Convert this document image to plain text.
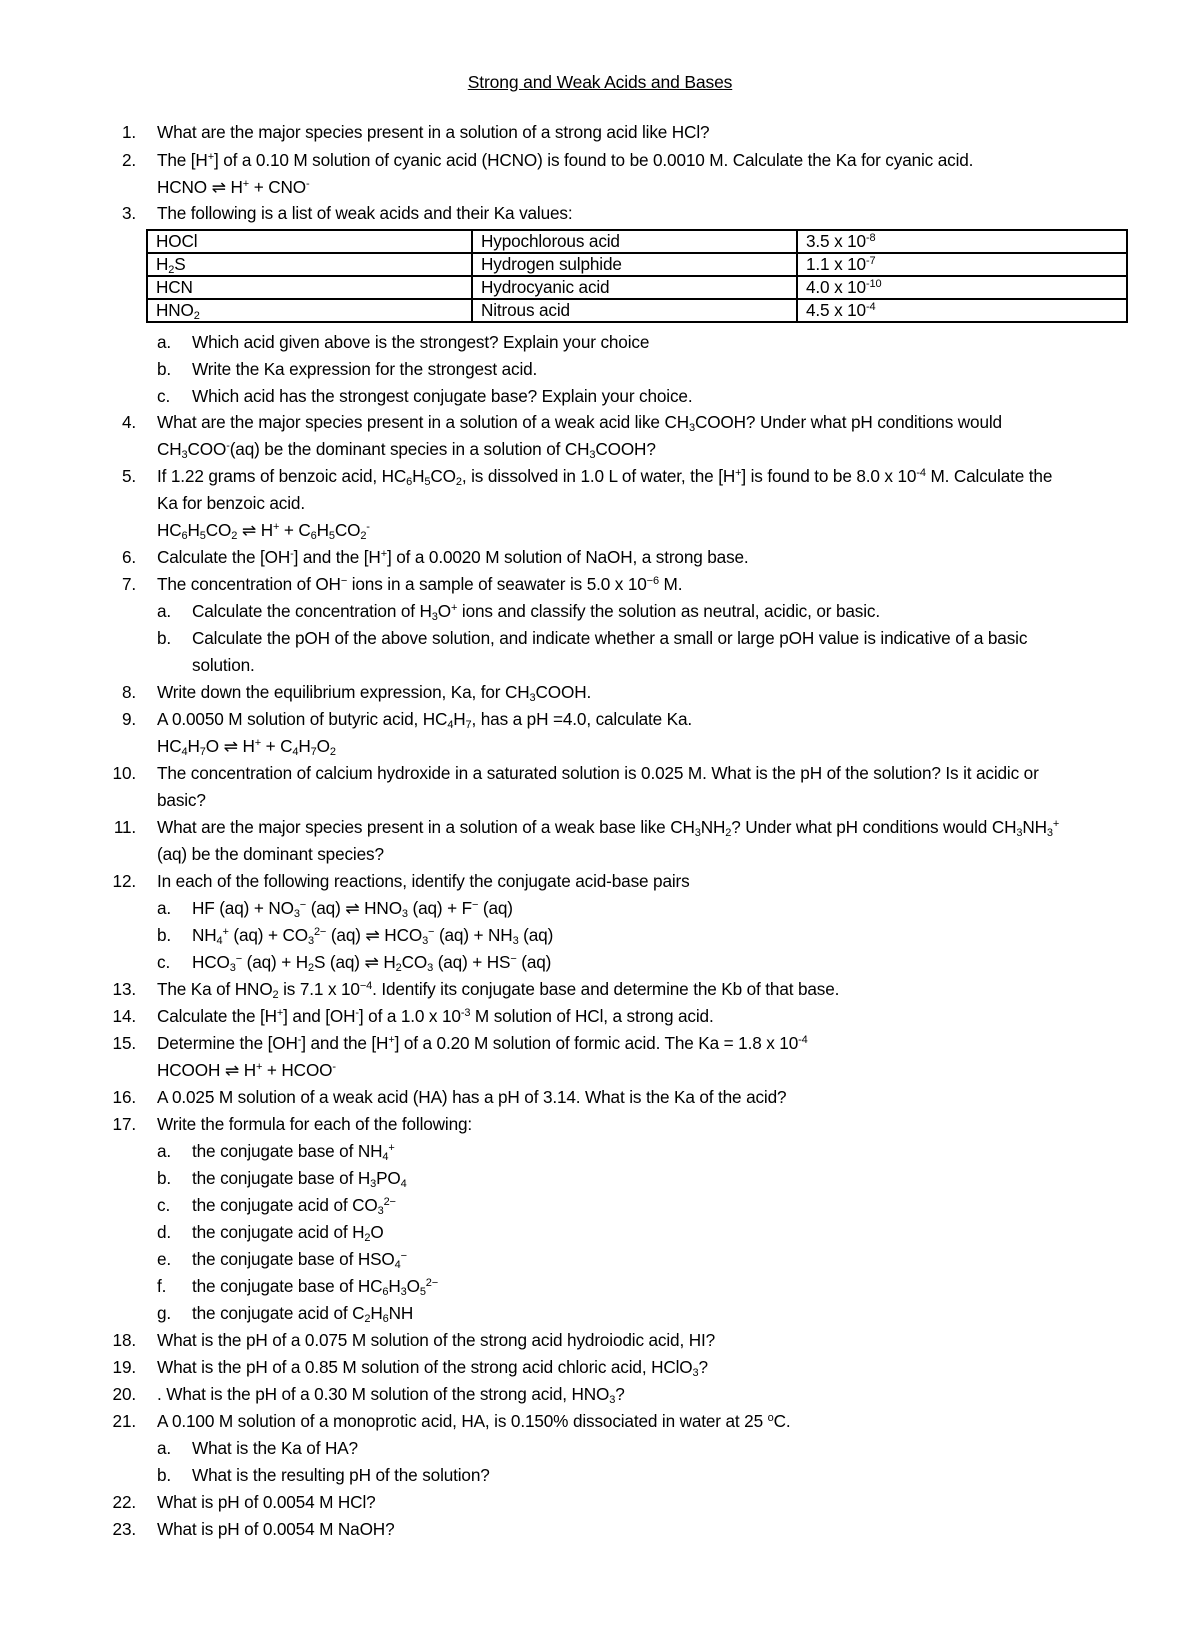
Strong and Weak Acids and Bases
1. What are the major species present in a solution of a strong acid like HCl?
2. The [H+] of a 0.10 M solution of cyanic acid (HCNO) is found to be 0.0010 M. Calculate the Ka for cyanic acid.
HCNO ⇌ H+ + CNO-
3. The following is a list of weak acids and their Ka values:
HOCl	Hypochlorous acid	3.5 x $10^{-8}$
$H_2S$	Hydrogen sulphide	1.1 x $10^{-7}$
HCN	Hydrocyanic acid	4.0 x $10^{-10}$
$HNO_2$	Nitrous acid	4.5 x $10^{-4}$
a. Which acid given above is the strongest? Explain your choice
b. Write the Ka expression for the strongest acid.
c. Which acid has the strongest conjugate base? Explain your choice.
4. What are the major species present in a solution of a weak acid like $CH_3COOH$? Under what pH conditions would
$CH_3COO^-(aq)$ be the dominant species in a solution of $CH_3COOH$?
5. If 1.22 grams of benzoic acid, $HC_6H_5CO_2$, is dissolved in 1.0 L of water, the [H+] is found to be 8.0 x $10^{-4}$ M. Calculate the
Ka for benzoic acid.
$HC_6H_5CO_2$ ⇌ $H^+ + C_6H_5CO_2^-$
6. Calculate the [OH-] and the [H+] of a 0.0020 M solution of NaOH, a strong base.
7. The concentration of OH− ions in a sample of seawater is 5.0 x $10^{-6}$ M.
a. Calculate the concentration of $H_3O^+$ ions and classify the solution as neutral, acidic, or basic.
b. Calculate the pOH of the above solution, and indicate whether a small or large pOH value is indicative of a basic
solution.
8. Write down the equilibrium expression, Ka, for $CH_3COOH$.
9. A 0.0050 M solution of butyric acid, $HC_4H_7$, has a pH =4.0, calculate Ka.
$HC_4H_7O$ ⇌ $H^+ + C_4H_7O_2$
10. The concentration of calcium hydroxide in a saturated solution is 0.025 M. What is the pH of the solution? Is it acidic or
basic?
11. What are the major species present in a solution of a weak base like $CH_3NH_2$? Under what pH conditions would $CH_3NH_3^+$
(aq) be the dominant species?
12. In each of the following reactions, identify the conjugate acid-base pairs
a. HF $(aq) + NO_3^-$ (aq) ⇌ $HNO_3$ (aq) + F− (aq)
b. $NH_4^+$ $(aq) + CO_3^{2-}$ (aq) ⇌ $HCO_3^-$ $(aq) + NH_3$ (aq)
c. $HCO_3^-$ $(aq) + H_2S$ (aq) ⇌ $H_2CO_3$ (aq) + HS− (aq)
13. The Ka of $HNO_2$ is 7.1 x $10^{-4}$. Identify its conjugate base and determine the Kb of that base.
14. Calculate the [H+] and [OH-] of a 1.0 x $10^{-3}$ M solution of HCl, a strong acid.
15. Determine the [OH-] and the [H+] of a 0.20 M solution of formic acid. The Ka = 1.8 x $10^{-4}$
HCOOH ⇌ H+ + HCOO-
16. A 0.025 M solution of a weak acid (HA) has a pH of 3.14. What is the Ka of the acid?
17. Write the formula for each of the following:
a. the conjugate base of $NH_4^+$
b. the conjugate base of $H_3PO_4$
c. the conjugate acid of $CO_3^{2-}$
d. the conjugate acid of $H_2O$
e. the conjugate base of $HSO_4^-$
f. the conjugate base of $HC_6H_3O_5^{2-}$
g. the conjugate acid of $C_2H_6NH$
18. What is the pH of a 0.075 M solution of the strong acid hydroiodic acid, HI?
19. What is the pH of a 0.85 M solution of the strong acid chloric acid, HClO$_3$?
20. . What is the pH of a 0.30 M solution of the strong acid, $HNO_3$?
21. A 0.100 M solution of a monoprotic acid, HA, is 0.150% dissociated in water at 25 $^o$C.
a. What is the Ka of HA?
b. What is the resulting pH of the solution?
22. What is pH of 0.0054 M HCl?
23. What is pH of 0.0054 M NaOH?
